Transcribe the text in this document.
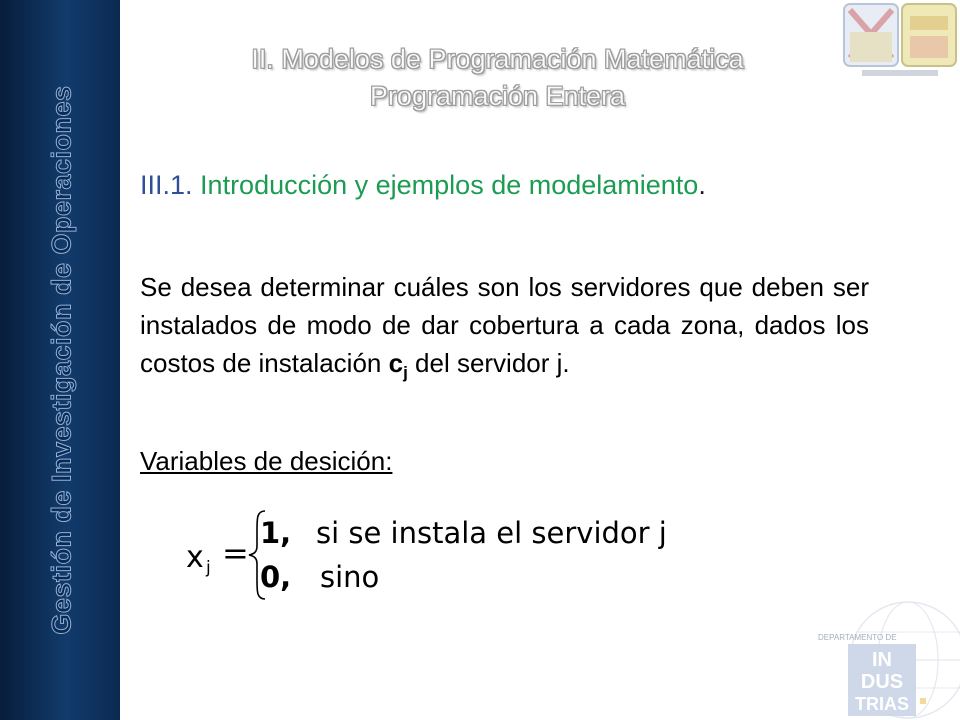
Gestión de Investigación de Operaciones
II. Modelos de Programación Matemática
Programación Entera
III.1. Introducción y ejemplos de modelamiento.
Se desea determinar cuáles son los servidores que deben ser instalados de modo de dar cobertura a cada zona, dados los costos de instalación $c_j$ del servidor j.
Variables de desición:
x j =
1, si se instala el servidor j
0, sino
DEPARTAMENTO DE
IN
DUS
TRIAS
